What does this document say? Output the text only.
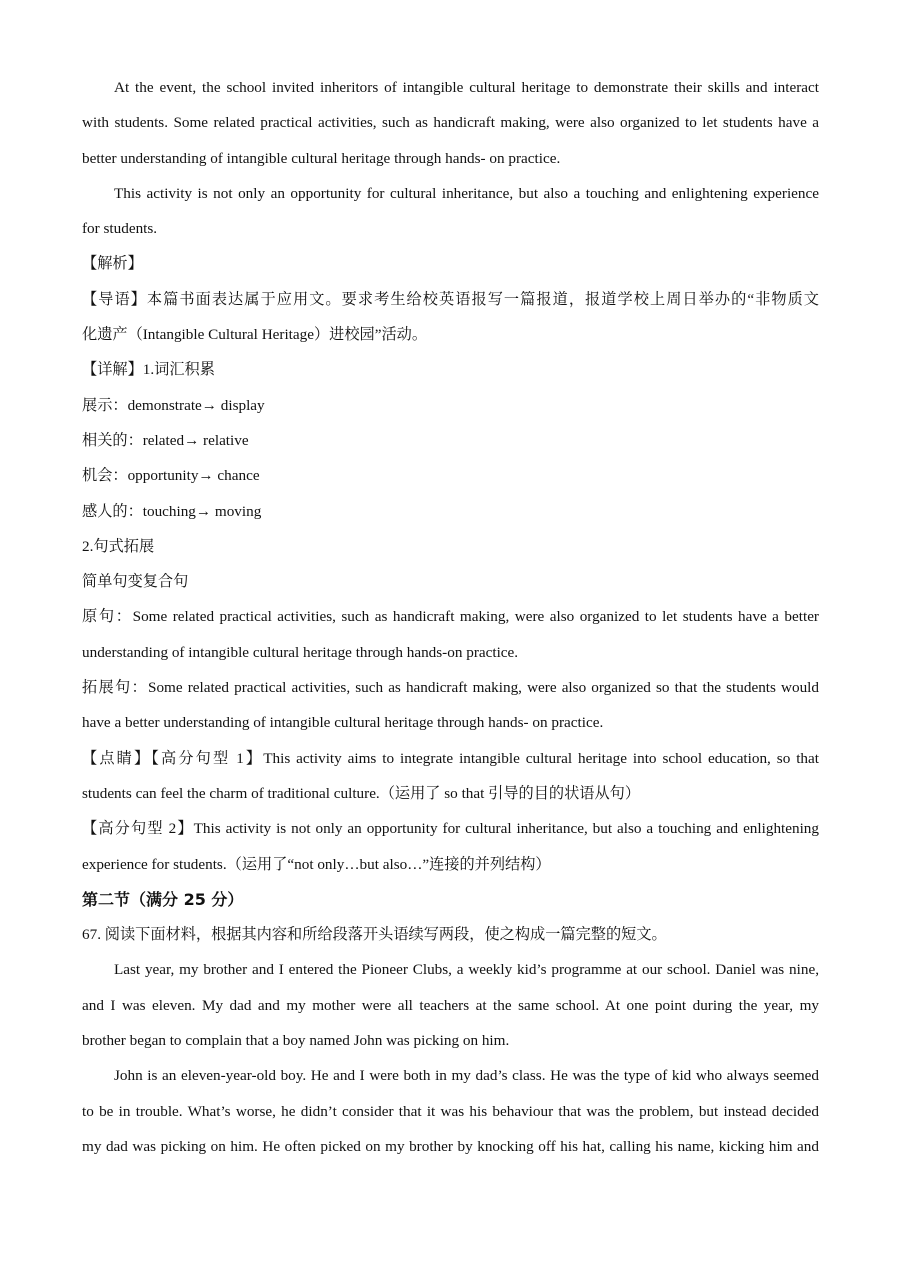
At the event, the school invited inheritors of intangible cultural heritage to demonstrate their skills and interact

with students. Some related practical activities, such as handicraft making, were also organized to let students have a

better understanding of intangible cultural heritage through hands- on practice.

This activity is not only an opportunity for cultural inheritance, but also a touching and enlightening experience

for students.

【解析】

【导语】本篇书面表达属于应用文。要求考生给校英语报写一篇报道，报道学校上周日举办的“非物质文

化遗产（Intangible Cultural Heritage）进校园”活动。

【详解】1.词汇积累

展示：demonstrate→ display

相关的：related→ relative

机会：opportunity→ chance

感人的：touching→ moving

2.句式拓展

简单句变复合句

原句：Some related practical activities, such as handicraft making, were also organized to let students have a better

understanding of intangible cultural heritage through hands-on practice.

拓展句：Some related practical activities, such as handicraft making, were also organized so that the students would

have a better understanding of intangible cultural heritage through hands- on practice.

【点睛】【高分句型 1】This activity aims to integrate intangible cultural heritage into school education, so that

students can feel the charm of traditional culture.（运用了 so that 引导的目的状语从句）

【高分句型 2】This activity is not only an opportunity for cultural inheritance, but also a touching and enlightening

experience for students.（运用了“not only…but also…”连接的并列结构）

第二节（满分 25 分）

67. 阅读下面材料，根据其内容和所给段落开头语续写两段，使之构成一篇完整的短文。

Last year, my brother and I entered the Pioneer Clubs, a weekly kid’s programme at our school. Daniel was nine,

and I was eleven. My dad and my mother were all teachers at the same school. At one point during the year, my

brother began to complain that a boy named John was picking on him.

John is an eleven-year-old boy. He and I were both in my dad’s class. He was the type of kid who always seemed

to be in trouble. What’s worse, he didn’t consider that it was his behaviour that was the problem, but instead decided

my dad was picking on him. He often picked on my brother by knocking off his hat, calling his name, kicking him and
